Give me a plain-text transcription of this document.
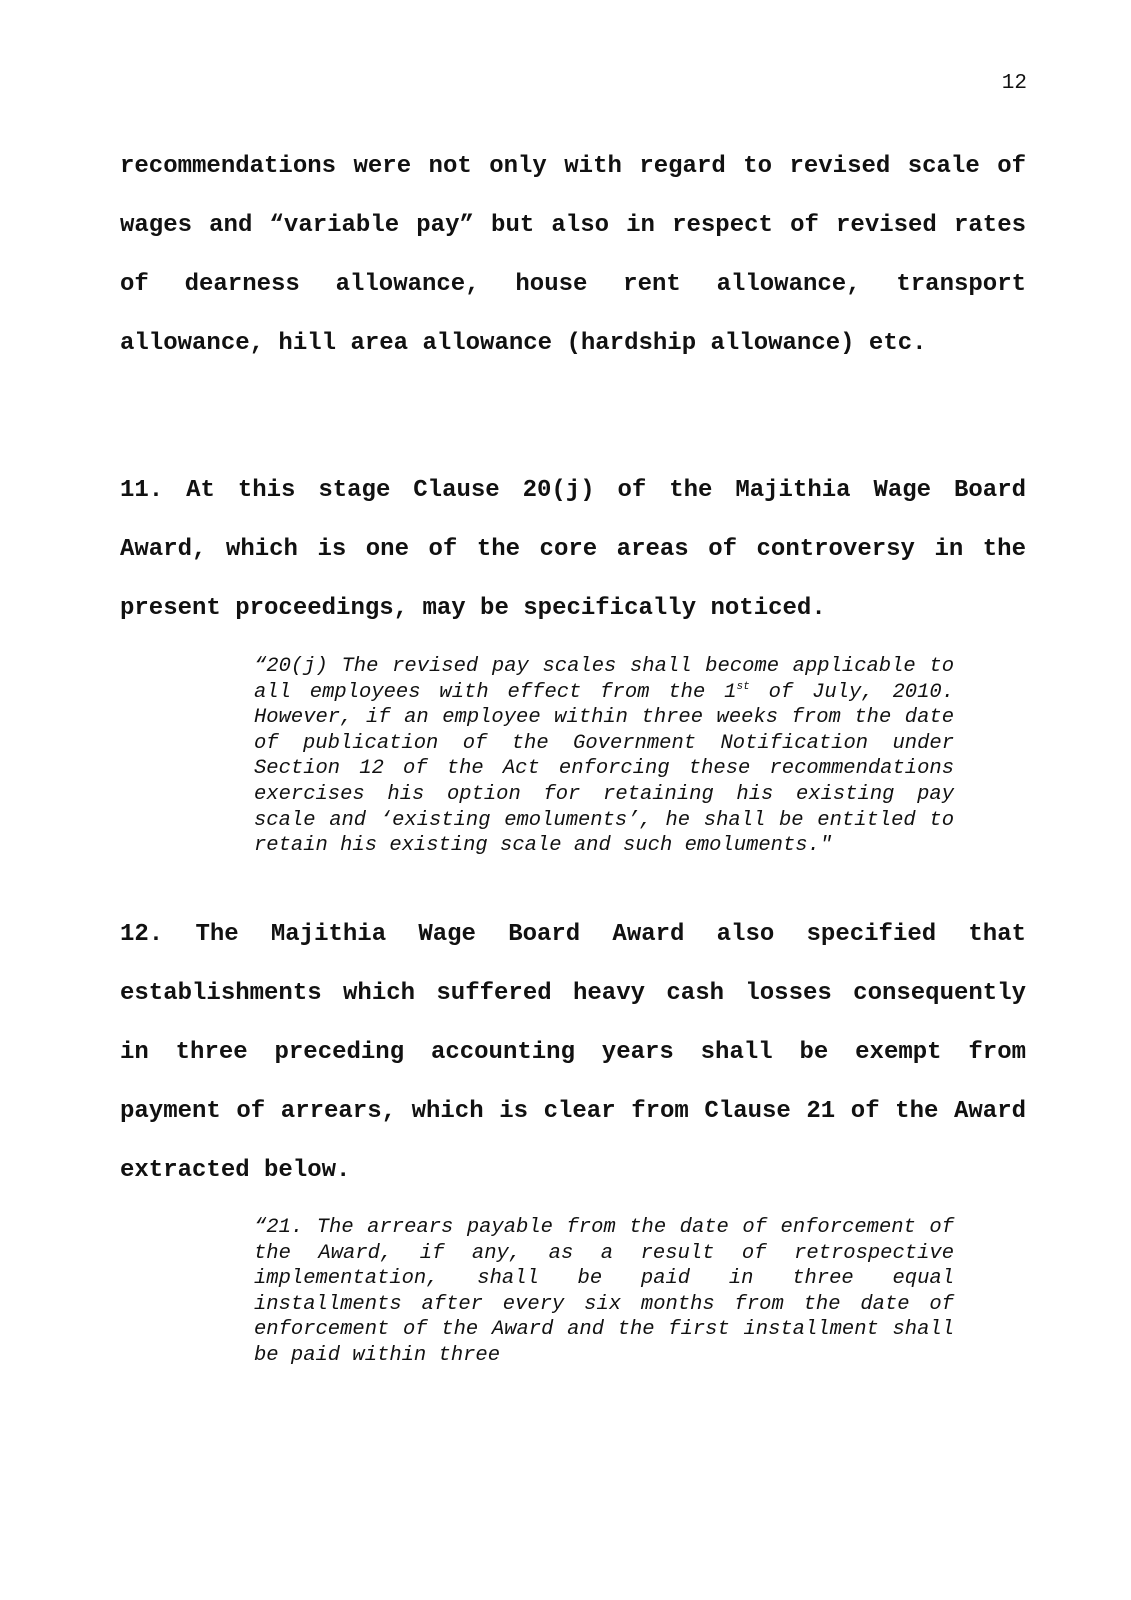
12

recommendations were not only with regard to revised scale of wages and “variable pay” but also in respect of revised rates of dearness allowance, house rent allowance, transport allowance, hill area allowance (hardship allowance) etc.

11. At this stage Clause 20(j) of the Majithia Wage Board Award, which is one of the core areas of controversy in the present proceedings, may be specifically noticed.

“20(j) The revised pay scales shall become applicable to all employees with effect from the 1st of July, 2010. However, if an employee within three weeks from the date of publication of the Government Notification under Section 12 of the Act enforcing these recommendations exercises his option for retaining his existing pay scale and ‘existing emoluments’, he shall be entitled to retain his existing scale and such emoluments."

12. The Majithia Wage Board Award also specified that establishments which suffered heavy cash losses consequently in three preceding accounting years shall be exempt from payment of arrears, which is clear from Clause 21 of the Award extracted below.

“21. The arrears payable from the date of enforcement of the Award, if any, as a result of retrospective implementation, shall be paid in three equal installments after every six months from the date of enforcement of the Award and the first installment shall be paid within three
